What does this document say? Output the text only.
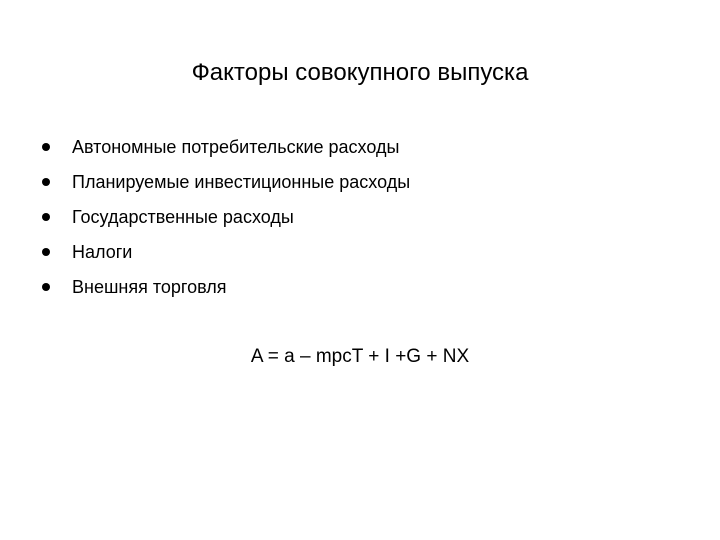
Факторы совокупного выпуска
Автономные потребительские расходы
Планируемые инвестиционные расходы
Государственные расходы
Налоги
Внешняя торговля
A = a – mpcT + I +G + NX
